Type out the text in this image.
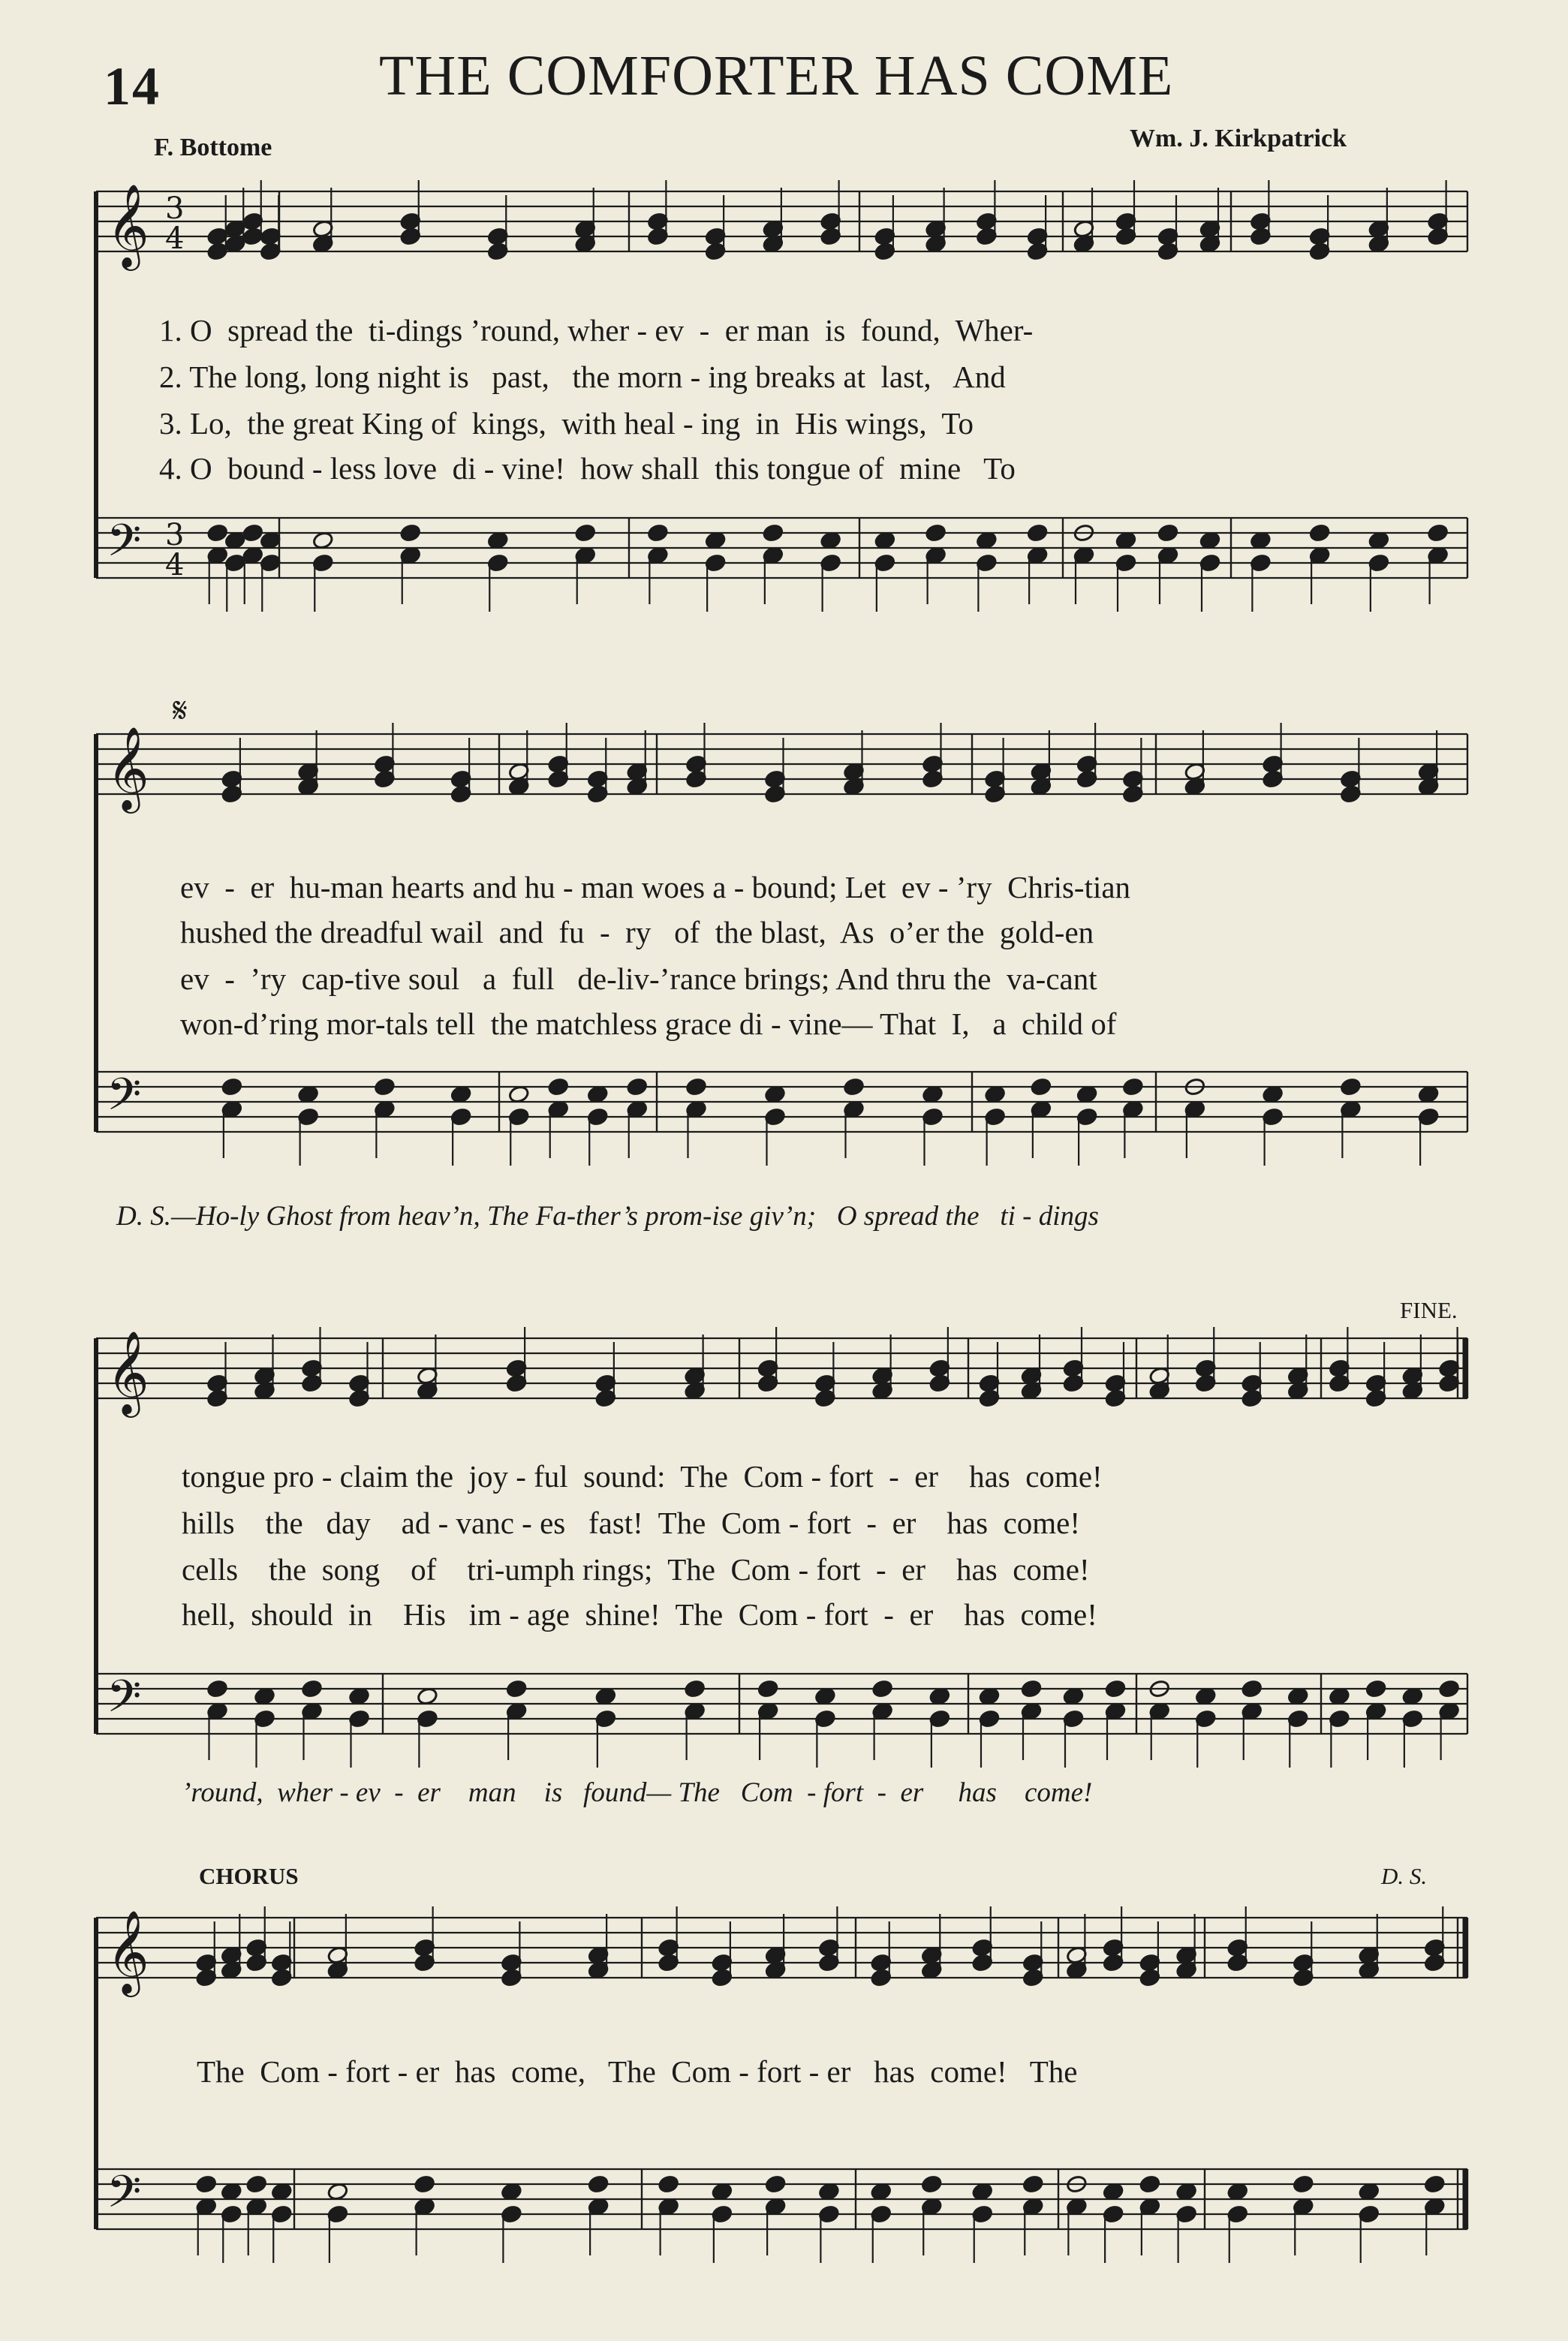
14	THE COMFORTER HAS COME
F. Bottome	Wm. J. Kirkpatrick
𝄞
𝄢
3
4
3
4
𝄞
𝄢
𝄞
𝄢
𝄞
𝄢
1. O  spread the  ti-dings ’round, wher - ev  -  er man  is  found,  Wher-
2. The long, long night is   past,   the morn - ing breaks at  last,   And
3. Lo,  the great King of  kings,  with heal - ing  in  His wings,  To
4. O  bound - less love  di - vine!  how shall  this tongue of  mine   To
𝄋
ev  -  er  hu-man hearts and hu - man woes a - bound; Let  ev - ’ry  Chris-tian
hushed the dreadful wail  and  fu  -  ry   of  the blast,  As  o’er the  gold-en
ev  -  ’ry  cap-tive soul   a  full   de-liv-’rance brings; And thru the  va-cant
won-d’ring mor-tals tell  the matchless grace di - vine— That  I,   a  child of
D. S.—Ho-ly Ghost from heav’n, The Fa-ther’s prom-ise giv’n;   O spread the   ti - dings
FINE.
tongue pro - claim the  joy - ful  sound:  The  Com - fort  -  er    has  come!
hills    the   day    ad - vanc - es   fast!  The  Com - fort  -  er    has  come!
cells    the  song    of    tri-umph rings;  The  Com - fort  -  er    has  come!
hell,  should  in    His   im - age  shine!  The  Com - fort  -  er    has  come!
’round,  wher - ev  -  er    man    is   found— The   Com  - fort  -  er     has    come!
CHORUS	D. S.
The  Com - fort - er  has  come,   The  Com - fort - er   has  come!   The
